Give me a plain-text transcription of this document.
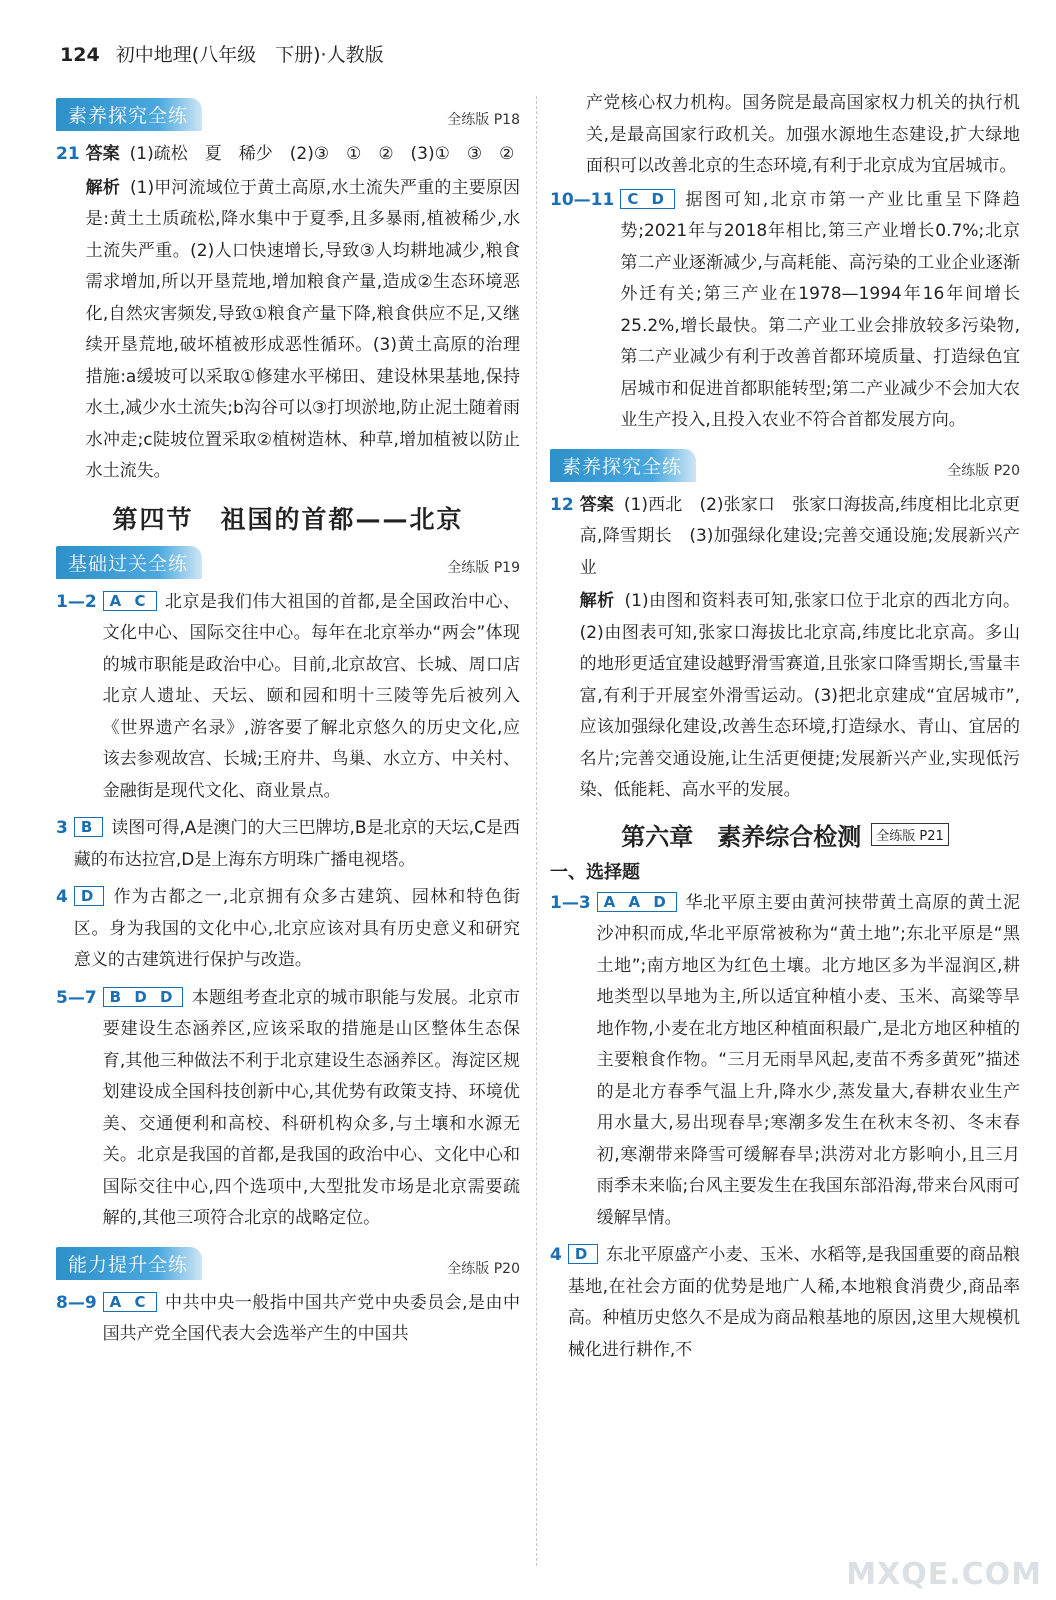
124 初中地理(八年级　下册)·人教版
素养探究全练	全练版 P18
21 答案 (1)疏松　夏　稀少　(2)③　①　②　(3)①　③　②

解析 (1)甲河流域位于黄土高原,水土流失严重的主要原因是:黄土土质疏松,降水集中于夏季,且多暴雨,植被稀少,水土流失严重。(2)人口快速增长,导致③人均耕地减少,粮食需求增加,所以开垦荒地,增加粮食产量,造成②生态环境恶化,自然灾害频发,导致①粮食产量下降,粮食供应不足,又继续开垦荒地,破坏植被形成恶性循环。(3)黄土高原的治理措施:a缓坡可以采取①修建水平梯田、建设林果基地,保持水土,减少水土流失;b沟谷可以③打坝淤地,防止泥土随着雨水冲走;c陡坡位置采取②植树造林、种草,增加植被以防止水土流失。

第四节　祖国的首都——北京
基础过关全练	全练版 P19
1—2 A C 北京是我们伟大祖国的首都,是全国政治中心、文化中心、国际交往中心。每年在北京举办“两会”体现的城市职能是政治中心。目前,北京故宫、长城、周口店北京人遗址、天坛、颐和园和明十三陵等先后被列入《世界遗产名录》,游客要了解北京悠久的历史文化,应该去参观故宫、长城;王府井、鸟巢、水立方、中关村、金融街是现代文化、商业景点。

3 B 读图可得,A是澳门的大三巴牌坊,B是北京的天坛,C是西藏的布达拉宫,D是上海东方明珠广播电视塔。

4 D 作为古都之一,北京拥有众多古建筑、园林和特色街区。身为我国的文化中心,北京应该对具有历史意义和研究意义的古建筑进行保护与改造。

5—7 B D D 本题组考查北京的城市职能与发展。北京市要建设生态涵养区,应该采取的措施是山区整体生态保育,其他三种做法不利于北京建设生态涵养区。海淀区规划建设成全国科技创新中心,其优势有政策支持、环境优美、交通便利和高校、科研机构众多,与土壤和水源无关。北京是我国的首都,是我国的政治中心、文化中心和国际交往中心,四个选项中,大型批发市场是北京需要疏解的,其他三项符合北京的战略定位。

能力提升全练	全练版 P20
8—9 A C 中共中央一般指中国共产党中央委员会,是由中国共产党全国代表大会选举产生的中国共

产党核心权力机构。国务院是最高国家权力机关的执行机关,是最高国家行政机关。加强水源地生态建设,扩大绿地面积可以改善北京的生态环境,有利于北京成为宜居城市。

10—11 C D 据图可知,北京市第一产业比重呈下降趋势;2021年与2018年相比,第三产业增长0.7%;北京第二产业逐渐减少,与高耗能、高污染的工业企业逐渐外迁有关;第三产业在1978—1994年16年间增长25.2%,增长最快。第二产业工业会排放较多污染物,第二产业减少有利于改善首都环境质量、打造绿色宜居城市和促进首都职能转型;第二产业减少不会加大农业生产投入,且投入农业不符合首都发展方向。

素养探究全练	全练版 P20
12 答案 (1)西北　(2)张家口　张家口海拔高,纬度相比北京更高,降雪期长　(3)加强绿化建设;完善交通设施;发展新兴产业

解析 (1)由图和资料表可知,张家口位于北京的西北方向。(2)由图表可知,张家口海拔比北京高,纬度比北京高。多山的地形更适宜建设越野滑雪赛道,且张家口降雪期长,雪量丰富,有利于开展室外滑雪运动。(3)把北京建成“宜居城市”,应该加强绿化建设,改善生态环境,打造绿水、青山、宜居的名片;完善交通设施,让生活更便捷;发展新兴产业,实现低污染、低能耗、高水平的发展。

第六章　素养综合检测	全练版 P21
一、选择题
1—3 A A D 华北平原主要由黄河挟带黄土高原的黄土泥沙冲积而成,华北平原常被称为“黄土地”;东北平原是“黑土地”;南方地区为红色土壤。北方地区多为半湿润区,耕地类型以旱地为主,所以适宜种植小麦、玉米、高粱等旱地作物,小麦在北方地区种植面积最广,是北方地区种植的主要粮食作物。“三月无雨旱风起,麦苗不秀多黄死”描述的是北方春季气温上升,降水少,蒸发量大,春耕农业生产用水量大,易出现春旱;寒潮多发生在秋末冬初、冬末春初,寒潮带来降雪可缓解春旱;洪涝对北方影响小,且三月雨季未来临;台风主要发生在我国东部沿海,带来台风雨可缓解旱情。

4 D 东北平原盛产小麦、玉米、水稻等,是我国重要的商品粮基地,在社会方面的优势是地广人稀,本地粮食消费少,商品率高。种植历史悠久不是成为商品粮基地的原因,这里大规模机械化进行耕作,不

MXQE.COM
